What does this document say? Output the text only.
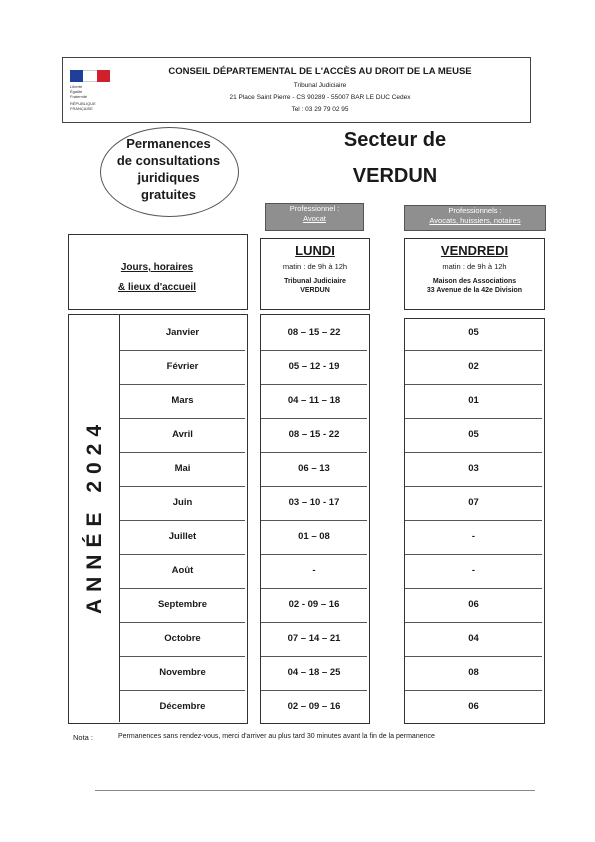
Liberté
Égalité
Fraternité
RÉPUBLIQUE FRANÇAISE
CONSEIL DÉPARTEMENTAL DE L'ACCÈS AU DROIT DE LA MEUSE
Tribunal Judiciaire
21 Place Saint Pierre - CS 90289 - 55007 BAR LE DUC Cedex
Tel : 03 29 79 02 95
Permanences
de consultations
juridiques
gratuites
Secteur de
VERDUN
Professionnel :
Avocat
Professionnels :
Avocats, huissiers, notaires
Jours, horaires
& lieux d'accueil
LUNDI
matin : de 9h à 12h
Tribunal Judiciaire
VERDUN
VENDREDI
matin : de 9h à 12h
Maison des Associations
33 Avenue de la 42e Division
ANNÉE 2024
Janvier	08 – 15 – 22	05
Février	05 – 12 - 19	02
Mars	04 – 11 – 18	01
Avril	08 – 15 - 22	05
Mai	06 – 13	03
Juin	03 – 10 - 17	07
Juillet	01 – 08	-
Août	-	-
Septembre	02 - 09 – 16	06
Octobre	07 – 14 – 21	04
Novembre	04 – 18 – 25	08
Décembre	02 – 09 – 16	06
Nota :	Permanences sans rendez-vous, merci d'arriver au plus tard 30 minutes avant la fin de la permanence
